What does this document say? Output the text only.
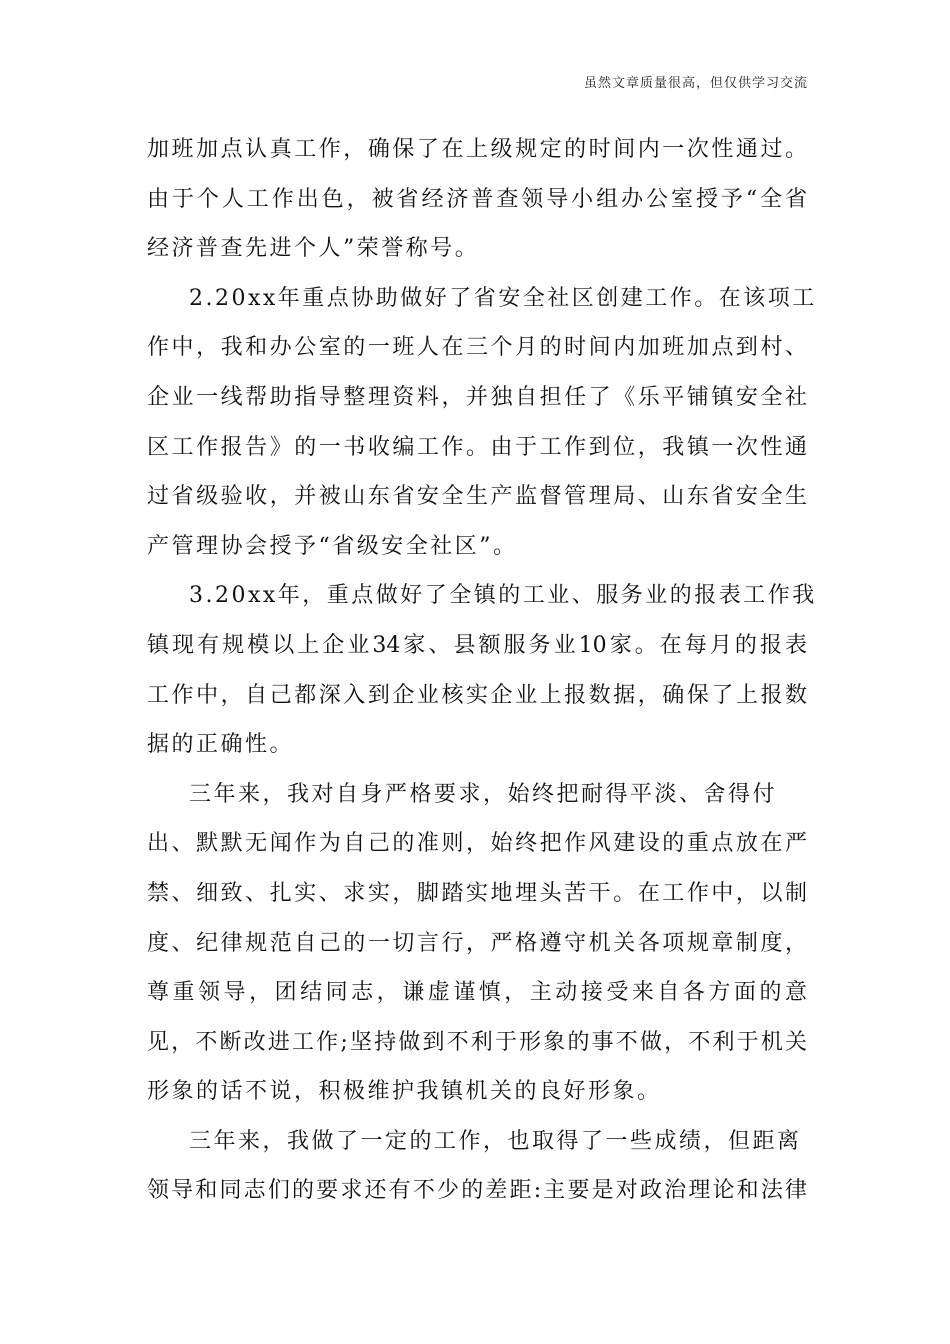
虽然文章质量很高，但仅供学习交流
加班加点认真工作，确保了在上级规定的时间内一次性通过。
由于个人工作出色，被省经济普查领导小组办公室授予“全省
经济普查先进个人”荣誉称号。
2.20xx年重点协助做好了省安全社区创建工作。在该项工
作中，我和办公室的一班人在三个月的时间内加班加点到村、
企业一线帮助指导整理资料，并独自担任了《乐平铺镇安全社
区工作报告》的一书收编工作。由于工作到位，我镇一次性通
过省级验收，并被山东省安全生产监督管理局、山东省安全生
产管理协会授予“省级安全社区”。
3.20xx年，重点做好了全镇的工业、服务业的报表工作我
镇现有规模以上企业34家、县额服务业10家。在每月的报表
工作中，自己都深入到企业核实企业上报数据，确保了上报数
据的正确性。
三年来，我对自身严格要求，始终把耐得平淡、舍得付
出、默默无闻作为自己的准则，始终把作风建设的重点放在严
禁、细致、扎实、求实，脚踏实地埋头苦干。在工作中，以制
度、纪律规范自己的一切言行，严格遵守机关各项规章制度，
尊重领导，团结同志，谦虚谨慎，主动接受来自各方面的意
见，不断改进工作;坚持做到不利于形象的事不做，不利于机关
形象的话不说，积极维护我镇机关的良好形象。
三年来，我做了一定的工作，也取得了一些成绩，但距离
领导和同志们的要求还有不少的差距:主要是对政治理论和法律
